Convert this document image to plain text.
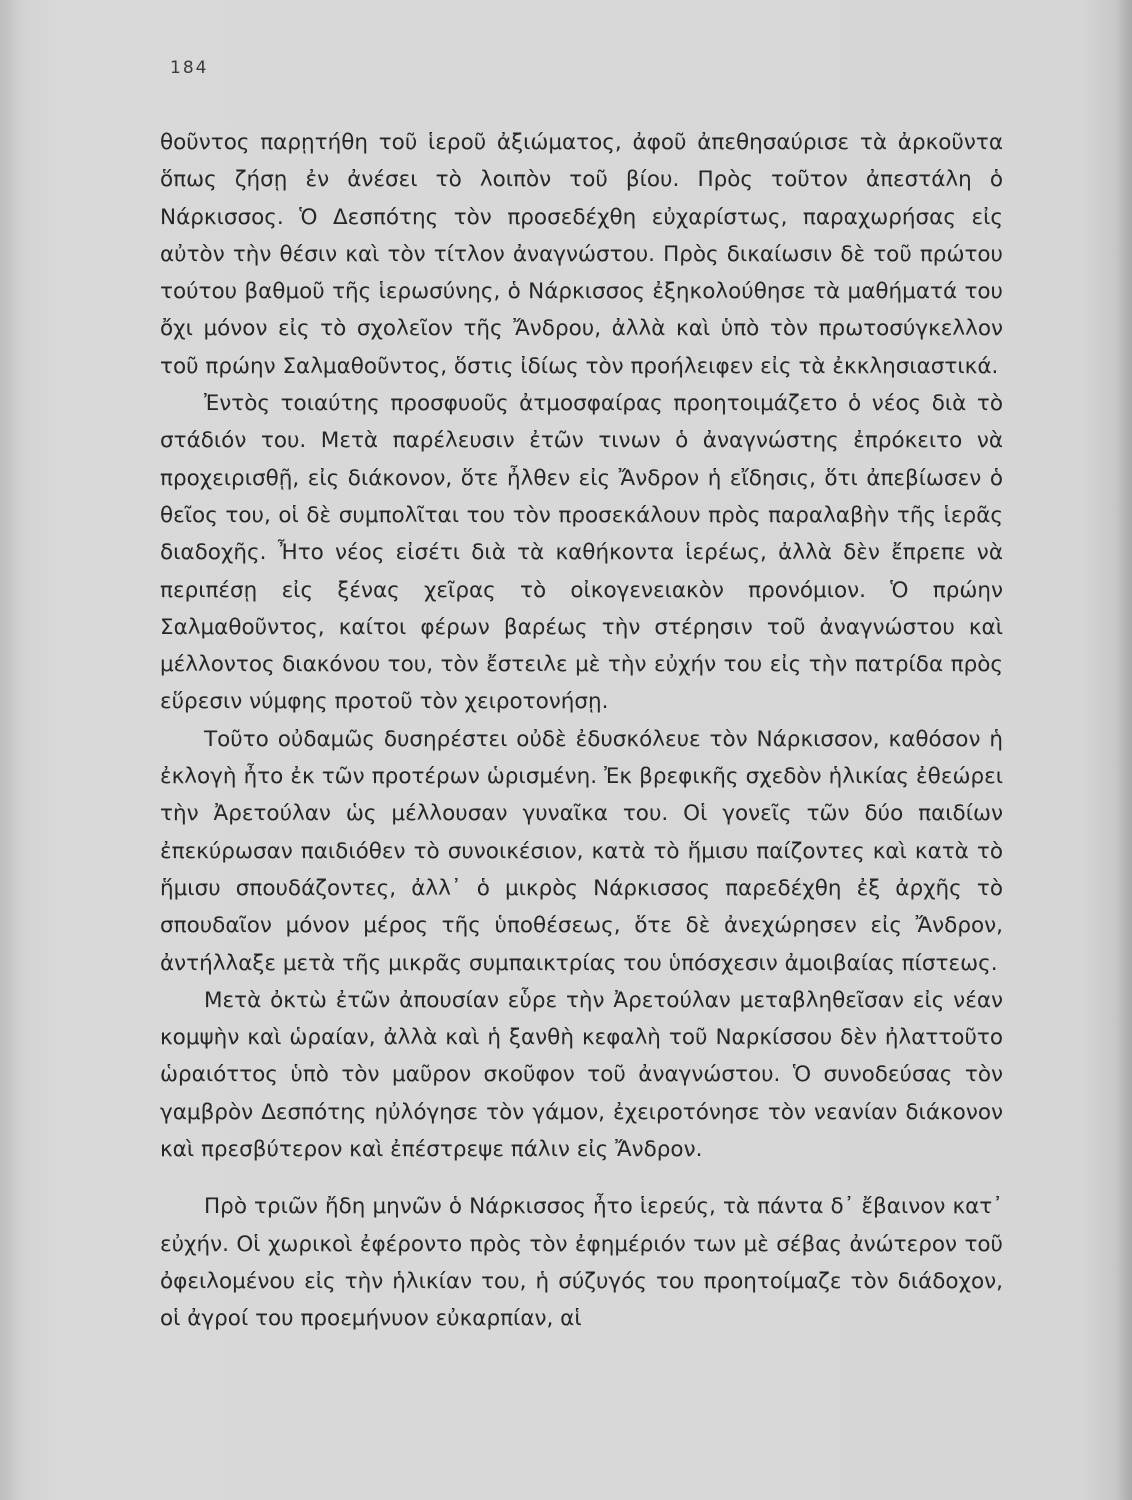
184

θοῦντος παρῃτήθη τοῦ ἱεροῦ ἀξιώματος, ἀφοῦ ἀπεθησαύρισε τὰ ἀρκοῦντα ὅπως ζήσῃ ἐν ἀνέσει τὸ λοιπὸν τοῦ βίου. Πρὸς τοῦτον ἀπεστάλη ὁ Νάρκισσος. Ὁ Δεσπότης τὸν προσεδέχθη εὐχαρίστως, παραχωρήσας εἰς αὐτὸν τὴν θέσιν καὶ τὸν τίτλον ἀναγνώστου. Πρὸς δικαίωσιν δὲ τοῦ πρώτου τούτου βαθμοῦ τῆς ἱερωσύνης, ὁ Νάρκισσος ἐξηκολούθησε τὰ μαθήματά του ὄχι μόνον εἰς τὸ σχολεῖον τῆς Ἄνδρου, ἀλλὰ καὶ ὑπὸ τὸν πρωτοσύγκελλον τοῦ πρώην Σαλμαθοῦντος, ὅστις ἰδίως τὸν προήλειφεν εἰς τὰ ἐκκλησιαστικά.

Ἐντὸς τοιαύτης προσφυοῦς ἀτμοσφαίρας προητοιμάζετο ὁ νέος διὰ τὸ στάδιόν του. Μετὰ παρέλευσιν ἐτῶν τινων ὁ ἀναγνώστης ἐπρόκειτο νὰ προχειρισθῇ, εἰς διάκονον, ὅτε ἦλθεν εἰς Ἄνδρον ἡ εἴδησις, ὅτι ἀπεβίωσεν ὁ θεῖος του, οἱ δὲ συμπολῖται του τὸν προσεκάλουν πρὸς παραλαβὴν τῆς ἱερᾶς διαδοχῆς. Ἦτο νέος εἰσέτι διὰ τὰ καθήκοντα ἱερέως, ἀλλὰ δὲν ἔπρεπε νὰ περιπέσῃ εἰς ξένας χεῖρας τὸ οἰκογενειακὸν προνόμιον. Ὁ πρώην Σαλμαθοῦντος, καίτοι φέρων βαρέως τὴν στέρησιν τοῦ ἀναγνώστου καὶ μέλλοντος διακόνου του, τὸν ἔστειλε μὲ τὴν εὐχήν του εἰς τὴν πατρίδα πρὸς εὕρεσιν νύμφης προτοῦ τὸν χειροτονήσῃ.

Τοῦτο οὐδαμῶς δυσηρέστει οὐδὲ ἐδυσκόλευε τὸν Νάρκισσον, καθόσον ἡ ἐκλογὴ ἦτο ἐκ τῶν προτέρων ὡρισμένη. Ἐκ βρεφικῆς σχεδὸν ἡλικίας ἐθεώρει τὴν Ἀρετούλαν ὡς μέλλουσαν γυναῖκα του. Οἱ γονεῖς τῶν δύο παιδίων ἐπεκύρωσαν παιδιόθεν τὸ συνοικέσιον, κατὰ τὸ ἥμισυ παίζοντες καὶ κατὰ τὸ ἥμισυ σπουδάζοντες, ἀλλ᾽ ὁ μικρὸς Νάρκισσος παρεδέχθη ἐξ ἀρχῆς τὸ σπουδαῖον μόνον μέρος τῆς ὑποθέσεως, ὅτε δὲ ἀνεχώρησεν εἰς Ἄνδρον, ἀντήλλαξε μετὰ τῆς μικρᾶς συμπαικτρίας του ὑπόσχεσιν ἀμοιβαίας πίστεως.

Μετὰ ὀκτὼ ἐτῶν ἀπουσίαν εὗρε τὴν Ἀρετούλαν μεταβληθεῖσαν εἰς νέαν κομψὴν καὶ ὡραίαν, ἀλλὰ καὶ ἡ ξανθὴ κεφαλὴ τοῦ Ναρκίσσου δὲν ἠλαττοῦτο ὡραιόττος ὑπὸ τὸν μαῦρον σκοῦφον τοῦ ἀναγνώστου. Ὁ συνοδεύσας τὸν γαμβρὸν Δεσπότης ηὐλόγησε τὸν γάμον, ἐχειροτόνησε τὸν νεανίαν διάκονον καὶ πρεσβύτερον καὶ ἐπέστρεψε πάλιν εἰς Ἄνδρον.

Πρὸ τριῶν ἤδη μηνῶν ὁ Νάρκισσος ἦτο ἱερεύς, τὰ πάντα δ᾽ ἔβαινον κατ᾽ εὐχήν. Οἱ χωρικοὶ ἐφέροντο πρὸς τὸν ἐφημέριόν των μὲ σέβας ἀνώτερον τοῦ ὀφειλομένου εἰς τὴν ἡλικίαν του, ἡ σύζυγός του προητοίμαζε τὸν διάδοχον, οἱ ἀγροί του προεμήνυον εὐκαρπίαν, αἱ
